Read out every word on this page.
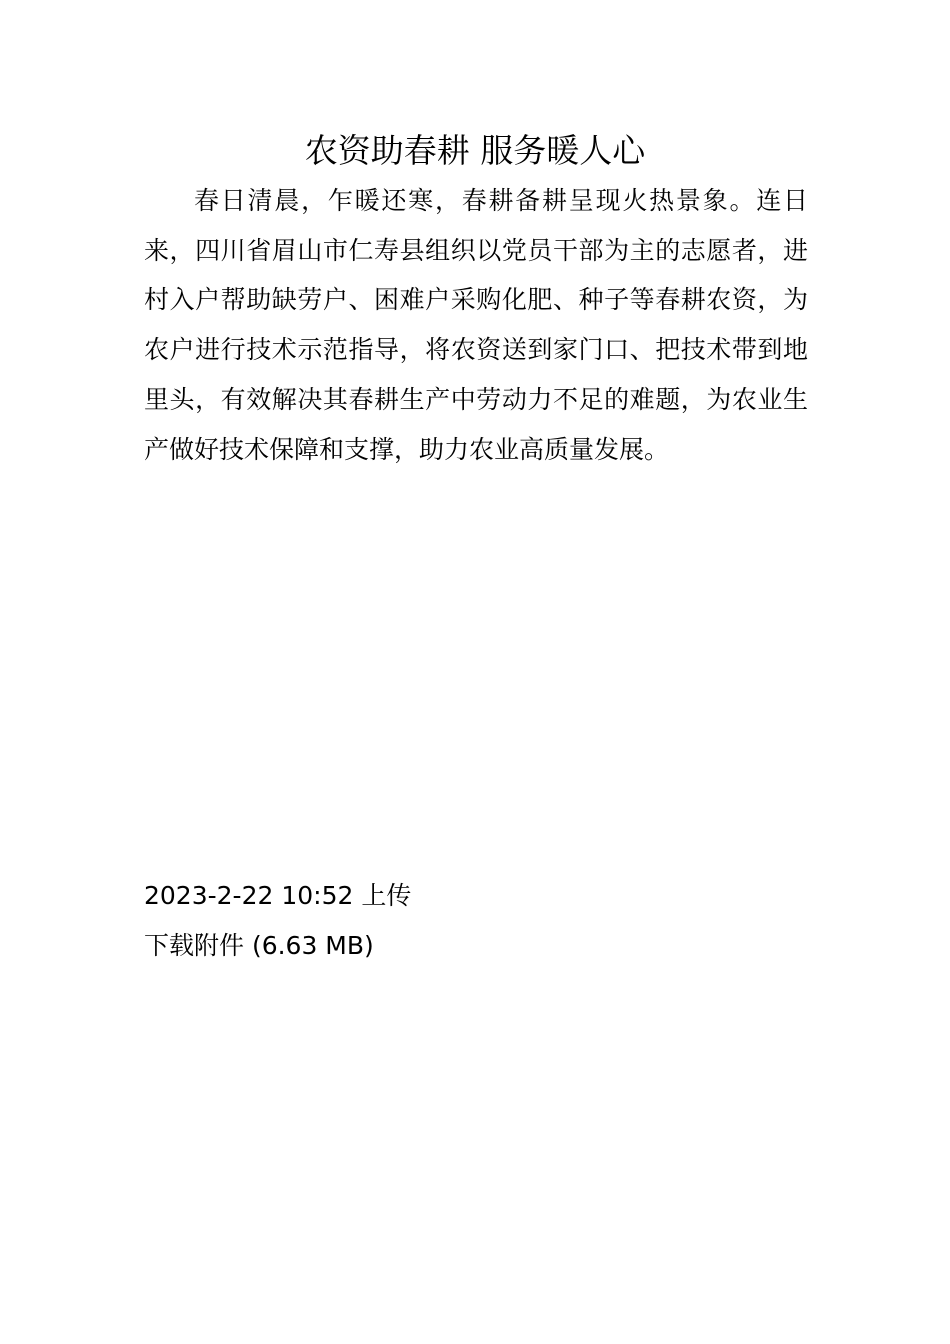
农资助春耕 服务暖人心

春日清晨，乍暖还寒，春耕备耕呈现火热景象。连日来，四川省眉山市仁寿县组织以党员干部为主的志愿者，进村入户帮助缺劳户、困难户采购化肥、种子等春耕农资，为农户进行技术示范指导，将农资送到家门口、把技术带到地里头，有效解决其春耕生产中劳动力不足的难题，为农业生产做好技术保障和支撑，助力农业高质量发展。

2023-2-22 10:52 上传
下载附件 (6.63 MB)
